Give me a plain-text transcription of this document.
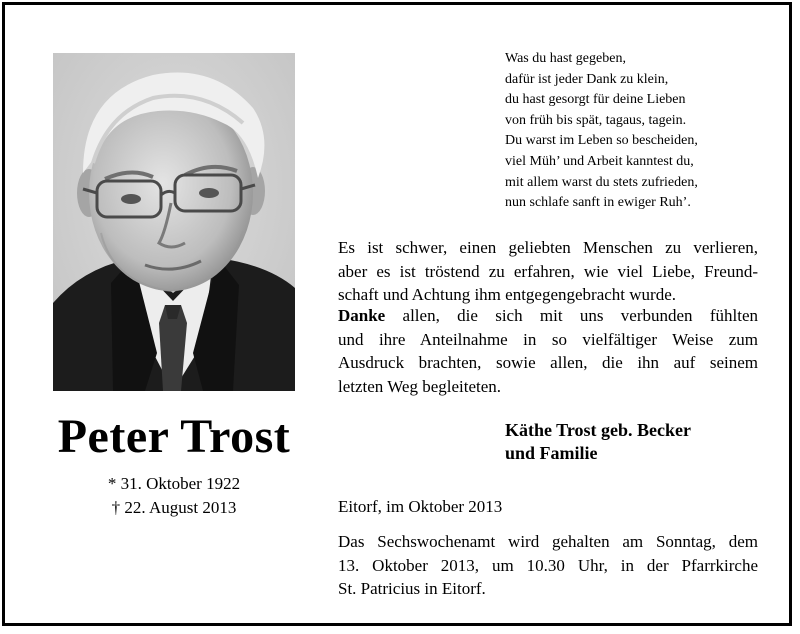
Peter Trost
* 31. Oktober 1922
† 22. August 2013
Was du hast gegeben,
dafür ist jeder Dank zu klein,
du hast gesorgt für deine Lieben
von früh bis spät, tagaus, tagein.
Du warst im Leben so bescheiden,
viel Müh’ und Arbeit kanntest du,
mit allem warst du stets zufrieden,
nun schlafe sanft in ewiger Ruh’.
Es ist schwer, einen geliebten Menschen zu verlieren,
aber es ist tröstend zu erfahren, wie viel Liebe, Freund-
schaft und Achtung ihm entgegengebracht wurde.
Danke allen, die sich mit uns verbunden fühlten
und ihre Anteilnahme in so vielfältiger Weise zum
Ausdruck brachten, sowie allen, die ihn auf seinem
letzten Weg begleiteten.
Käthe Trost geb. Becker
und Familie
Eitorf, im Oktober 2013
Das Sechswochenamt wird gehalten am Sonntag, dem
13. Oktober 2013, um 10.30 Uhr, in der Pfarrkirche
St. Patricius in Eitorf.
